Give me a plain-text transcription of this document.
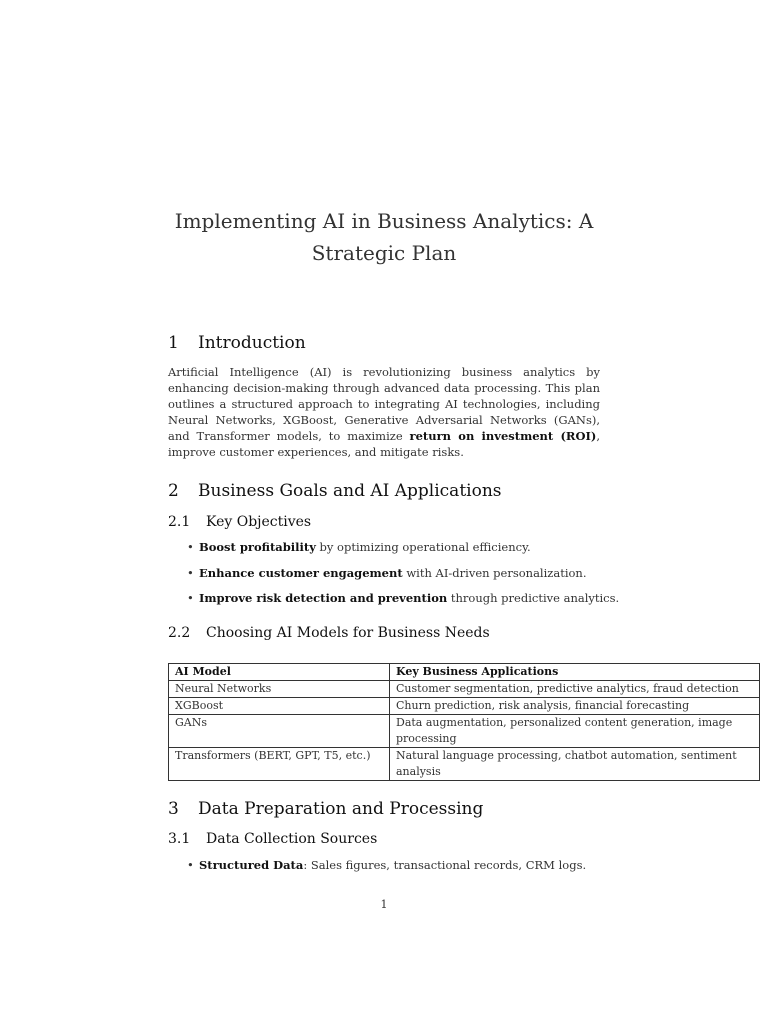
Implementing AI in Business Analytics: A Strategic Plan
1 Introduction
Artificial Intelligence (AI) is revolutionizing business analytics by enhancing decision-making through advanced data processing. This plan outlines a structured approach to integrating AI technologies, including Neural Networks, XGBoost, Generative Adversarial Networks (GANs), and Transformer models, to maximize return on investment (ROI), improve customer experiences, and mitigate risks.
2 Business Goals and AI Applications
2.1 Key Objectives
• Boost profitability by optimizing operational efficiency.
• Enhance customer engagement with AI-driven personalization.
• Improve risk detection and prevention through predictive analytics.
2.2 Choosing AI Models for Business Needs
AI Model	Key Business Applications
Neural Networks	Customer segmentation, predictive analytics, fraud detection
XGBoost	Churn prediction, risk analysis, financial forecasting
GANs	Data augmentation, personalized content generation, image processing
Transformers (BERT, GPT, T5, etc.)	Natural language processing, chatbot automation, sentiment analysis
3 Data Preparation and Processing
3.1 Data Collection Sources
• Structured Data: Sales figures, transactional records, CRM logs.
1
